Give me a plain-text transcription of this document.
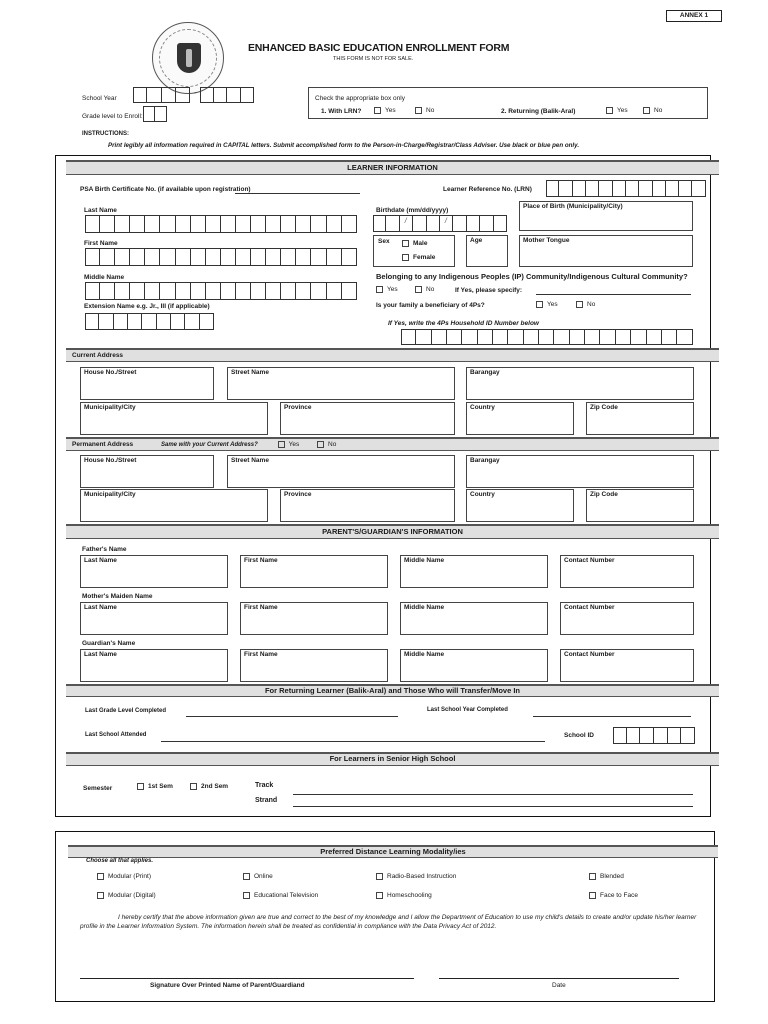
ANNEX 1
ENHANCED BASIC EDUCATION ENROLLMENT FORM
THIS FORM IS NOT FOR SALE.
School Year
-
Grade level to Enroll:
Check the appropriate box only
1. With LRN?	Yes	No	2. Returning (Balik-Aral)	Yes	No
INSTRUCTIONS:
Print legibly all information required in CAPITAL letters. Submit accomplished form to the Person-in-Charge/Registrar/Class Adviser. Use black or blue pen only.
LEARNER INFORMATION
PSA Birth Certificate No. (if available upon registration)	Learner Reference No. (LRN)
Last Name
First Name
Middle Name
Extension Name e.g. Jr., III (if applicable)
Birthdate (mm/dd/yyyy)
/
/
Place of Birth (Municipality/City)
Sex	Male
Female
Age	Mother Tongue
Belonging to any Indigenous Peoples (IP) Community/Indigenous Cultural Community?
Yes	No	If Yes, please specify:
Is your family a beneficiary of 4Ps?	Yes	No
If Yes, write the 4Ps Household ID Number below
Current Address
House No./Street	Street Name	Barangay
Municipality/City	Province	Country	Zip Code
Permanent Address	Same with your Current Address?	Yes	No
House No./Street	Street Name	Barangay
Municipality/City	Province	Country	Zip Code
PARENT'S/GUARDIAN'S INFORMATION
Father's Name
Last Name	First Name	Middle Name	Contact Number
Mother's Maiden Name
Last Name	First Name	Middle Name	Contact Number
Guardian's Name
Last Name	First Name	Middle Name	Contact Number
For Returning Learner (Balik-Aral) and Those Who will Transfer/Move In
Last Grade Level Completed	Last School Year Completed
Last School Attended	School ID
For Learners in Senior High School
Semester	1st Sem	2nd Sem	Track
Strand
Preferred Distance Learning Modality/ies
Choose all that applies.
Modular (Print)	Online	Radio-Based Instruction	Blended
Modular (Digital)	Educational Television	Homeschooling	Face to Face
I hereby certify that the above information given are true and correct to the best of my knowledge and I allow the Department of Education to use my child's details to create and/or update his/her learner profile in the Learner Information System. The information herein shall be treated as confidential in compliance with the Data Privacy Act of 2012.
Signature Over Printed Name of Parent/Guardiand	Date
